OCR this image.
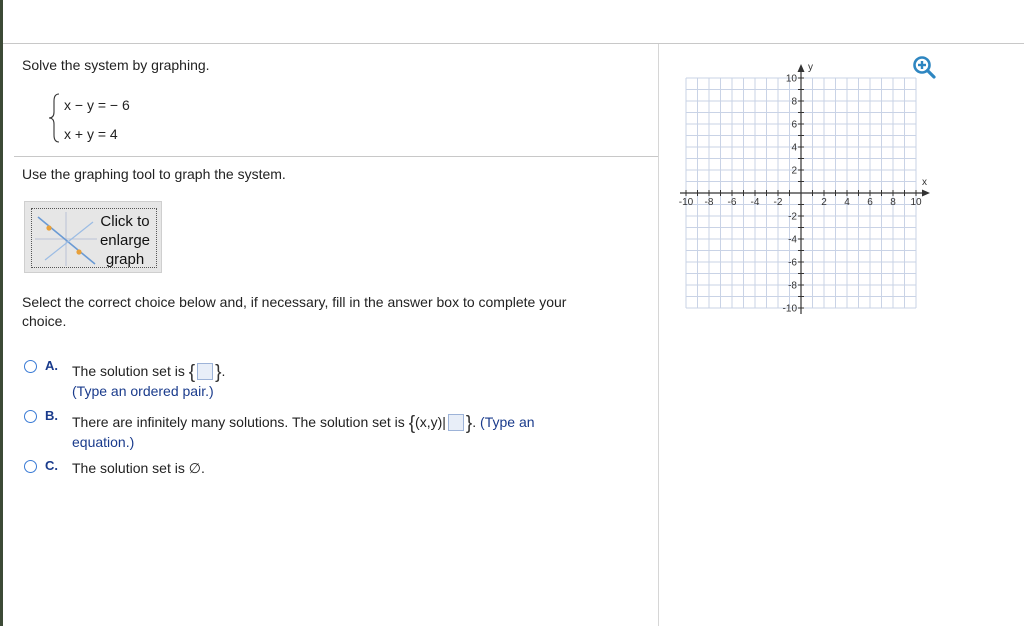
Solve the system by graphing.
x − y = − 6
x + y = 4
Use the graphing tool to graph the system.
Click to enlarge graph
Select the correct choice below and, if necessary, fill in the answer box to complete your
choice.
A. The solution set is { }.
(Type an ordered pair.)
B. There are infinitely many solutions. The solution set is {(x,y)| }. (Type an
equation.)
C. The solution set is ∅.
-10 -8 -6 -4 -2	2 4 6 8 10
10
8
6
4
2
-2
-4
-6
-8
-10
x
y
